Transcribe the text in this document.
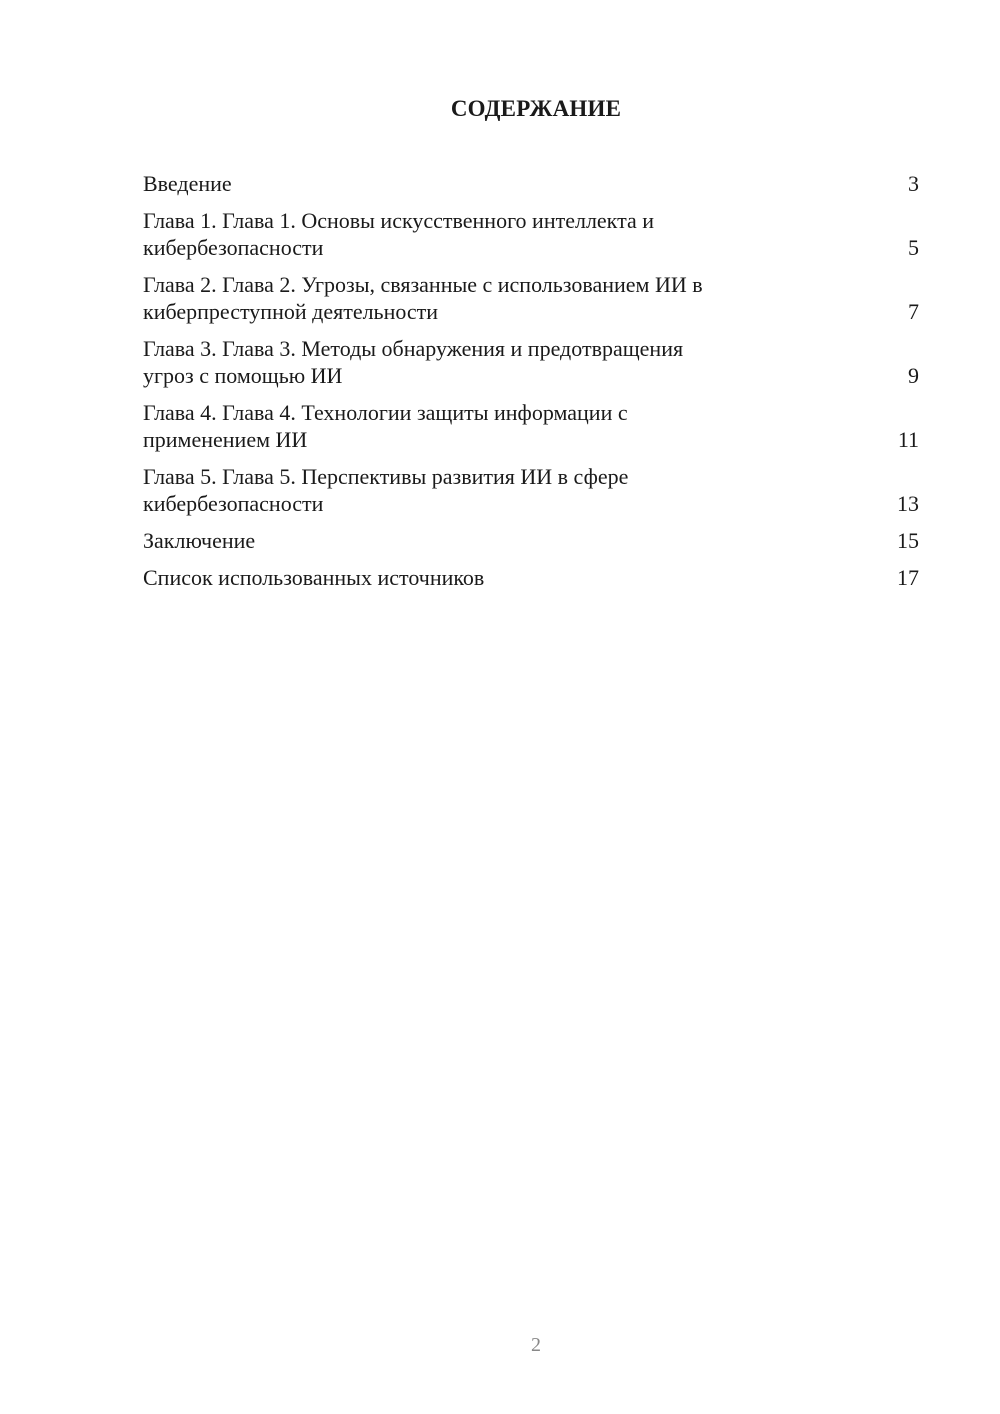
СОДЕРЖАНИЕ
Введение	3
Глава 1. Глава 1. Основы искусственного интеллекта и
кибербезопасности	5
Глава 2. Глава 2. Угрозы, связанные с использованием ИИ в
киберпреступной деятельности	7
Глава 3. Глава 3. Методы обнаружения и предотвращения
угроз с помощью ИИ	9
Глава 4. Глава 4. Технологии защиты информации с
применением ИИ	11
Глава 5. Глава 5. Перспективы развития ИИ в сфере
кибербезопасности	13
Заключение	15
Список использованных источников	17
2
